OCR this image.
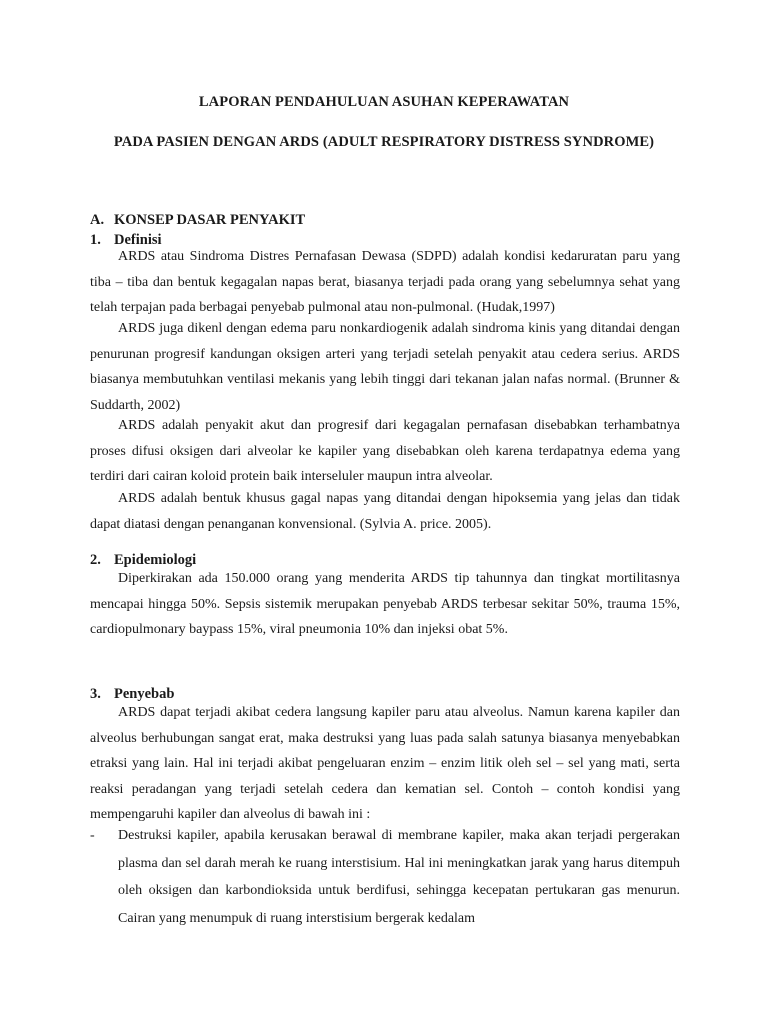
LAPORAN PENDAHULUAN ASUHAN KEPERAWATAN
PADA PASIEN DENGAN ARDS (ADULT RESPIRATORY DISTRESS SYNDROME)
A. KONSEP DASAR PENYAKIT
1. Definisi
ARDS atau Sindroma Distres Pernafasan Dewasa (SDPD) adalah kondisi kedaruratan paru yang tiba – tiba dan bentuk kegagalan napas berat, biasanya terjadi pada orang yang sebelumnya sehat yang telah terpajan pada berbagai penyebab pulmonal atau non-pulmonal. (Hudak,1997)
ARDS juga dikenl dengan edema paru nonkardiogenik adalah sindroma kinis yang ditandai dengan penurunan progresif kandungan oksigen arteri yang terjadi setelah penyakit atau cedera serius. ARDS biasanya membutuhkan ventilasi mekanis yang lebih tinggi dari tekanan jalan nafas normal. (Brunner & Suddarth, 2002)
ARDS adalah penyakit akut dan progresif dari kegagalan pernafasan disebabkan terhambatnya proses difusi oksigen dari alveolar ke kapiler yang disebabkan oleh karena terdapatnya edema yang terdiri dari cairan koloid protein baik interseluler maupun intra alveolar.
ARDS adalah bentuk khusus gagal napas yang ditandai dengan hipoksemia yang jelas dan tidak dapat diatasi dengan penanganan konvensional. (Sylvia A. price. 2005).
2. Epidemiologi
Diperkirakan ada 150.000 orang yang menderita ARDS tip tahunnya dan tingkat mortilitasnya mencapai hingga 50%. Sepsis sistemik merupakan penyebab ARDS terbesar sekitar 50%, trauma 15%, cardiopulmonary baypass 15%, viral pneumonia 10% dan injeksi obat 5%.
3. Penyebab
ARDS dapat terjadi akibat cedera langsung kapiler paru atau alveolus. Namun karena kapiler dan alveolus berhubungan sangat erat, maka destruksi yang luas pada salah satunya biasanya menyebabkan etraksi yang lain. Hal ini terjadi akibat pengeluaran enzim – enzim litik oleh sel – sel yang mati, serta reaksi peradangan yang terjadi setelah cedera dan kematian sel. Contoh – contoh kondisi yang mempengaruhi kapiler dan alveolus di bawah ini :
- Destruksi kapiler, apabila kerusakan berawal di membrane kapiler, maka akan terjadi pergerakan plasma dan sel darah merah ke ruang interstisium. Hal ini meningkatkan jarak yang harus ditempuh oleh oksigen dan karbondioksida untuk berdifusi, sehingga kecepatan pertukaran gas menurun. Cairan yang menumpuk di ruang interstisium bergerak kedalam
